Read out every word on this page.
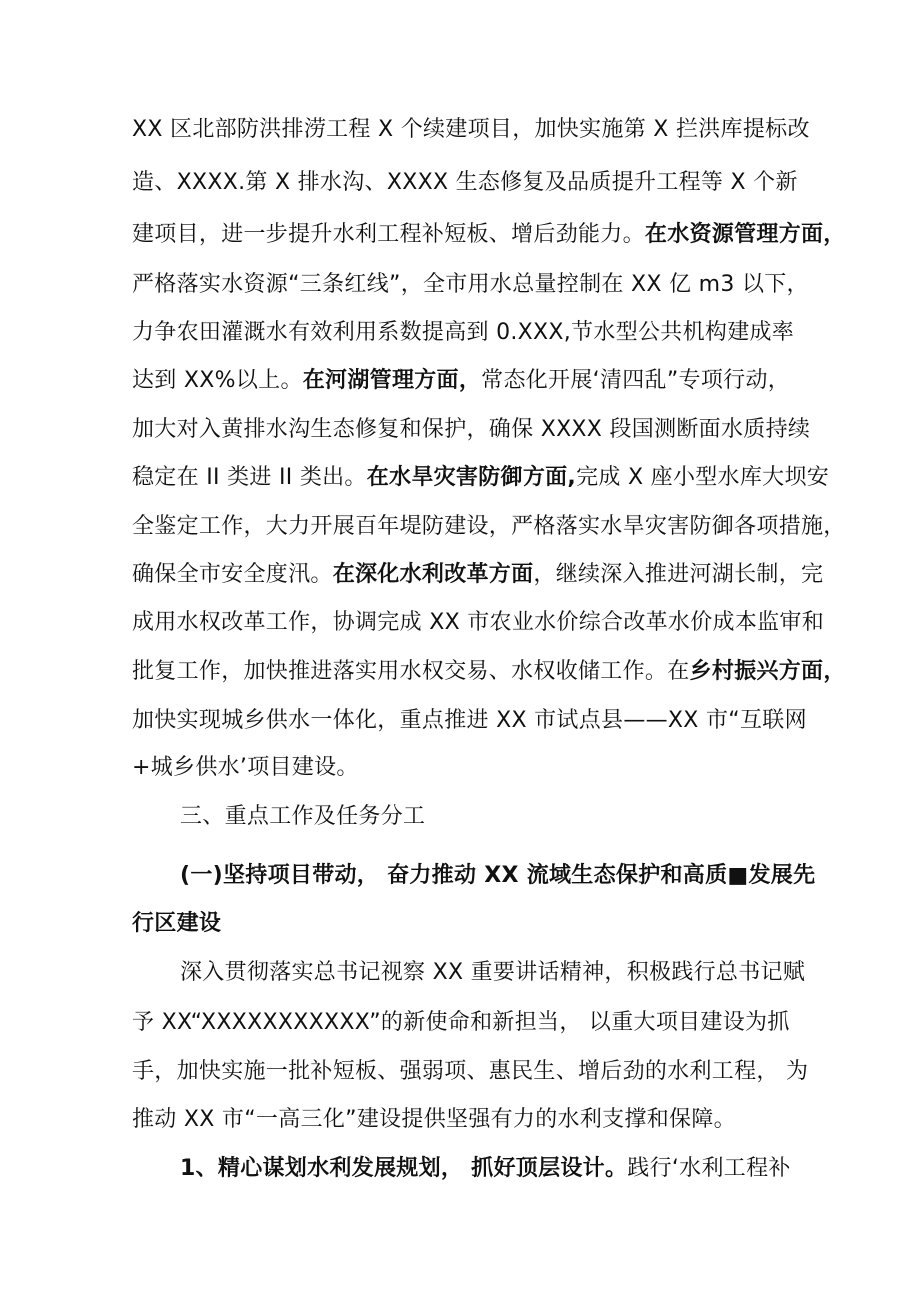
XX 区北部防洪排涝工程 X 个续建项目，加快实施第 X 拦洪库提标改
造、XXXX.第 X 排水沟、XXXX 生态修复及品质提升工程等 X 个新
建项目，进一步提升水利工程补短板、增后劲能力。在水资源管理方面，
严格落实水资源“三条红线”，全市用水总量控制在 XX 亿 m3 以下，
力争农田灌溉水有效利用系数提高到 0.XXX,节水型公共机构建成率
达到 XX%以上。在河湖管理方面，常态化开展‘清四乱”专项行动，
加大对入黄排水沟生态修复和保护，确保 XXXX 段国测断面水质持续
稳定在 II 类进 II 类出。在水旱灾害防御方面,完成 X 座小型水库大坝安
全鉴定工作，大力开展百年堤防建设，严格落实水旱灾害防御各项措施，
确保全市安全度汛。在深化水利改革方面，继续深入推进河湖长制，完
成用水权改革工作，协调完成 XX 市农业水价综合改革水价成本监审和
批复工作，加快推进落实用水权交易、水权收储工作。在乡村振兴方面，
加快实现城乡供水一体化，重点推进 XX 市试点县——XX 市“互联网
+城乡供水’项目建设。
三、重点工作及任务分工
(一)坚持项目带动， 奋力推动 XX 流域生态保护和高质■发展先
行区建设
深入贯彻落实总书记视察 XX 重要讲话精神，积极践行总书记赋
予 XX“XXXXXXXXXXX”的新使命和新担当， 以重大项目建设为抓
手，加快实施一批补短板、强弱项、惠民生、增后劲的水利工程， 为
推动 XX 市“一高三化”建设提供坚强有力的水利支撑和保障。
1、精心谋划水利发展规划， 抓好顶层设计。践行‘水利工程补
